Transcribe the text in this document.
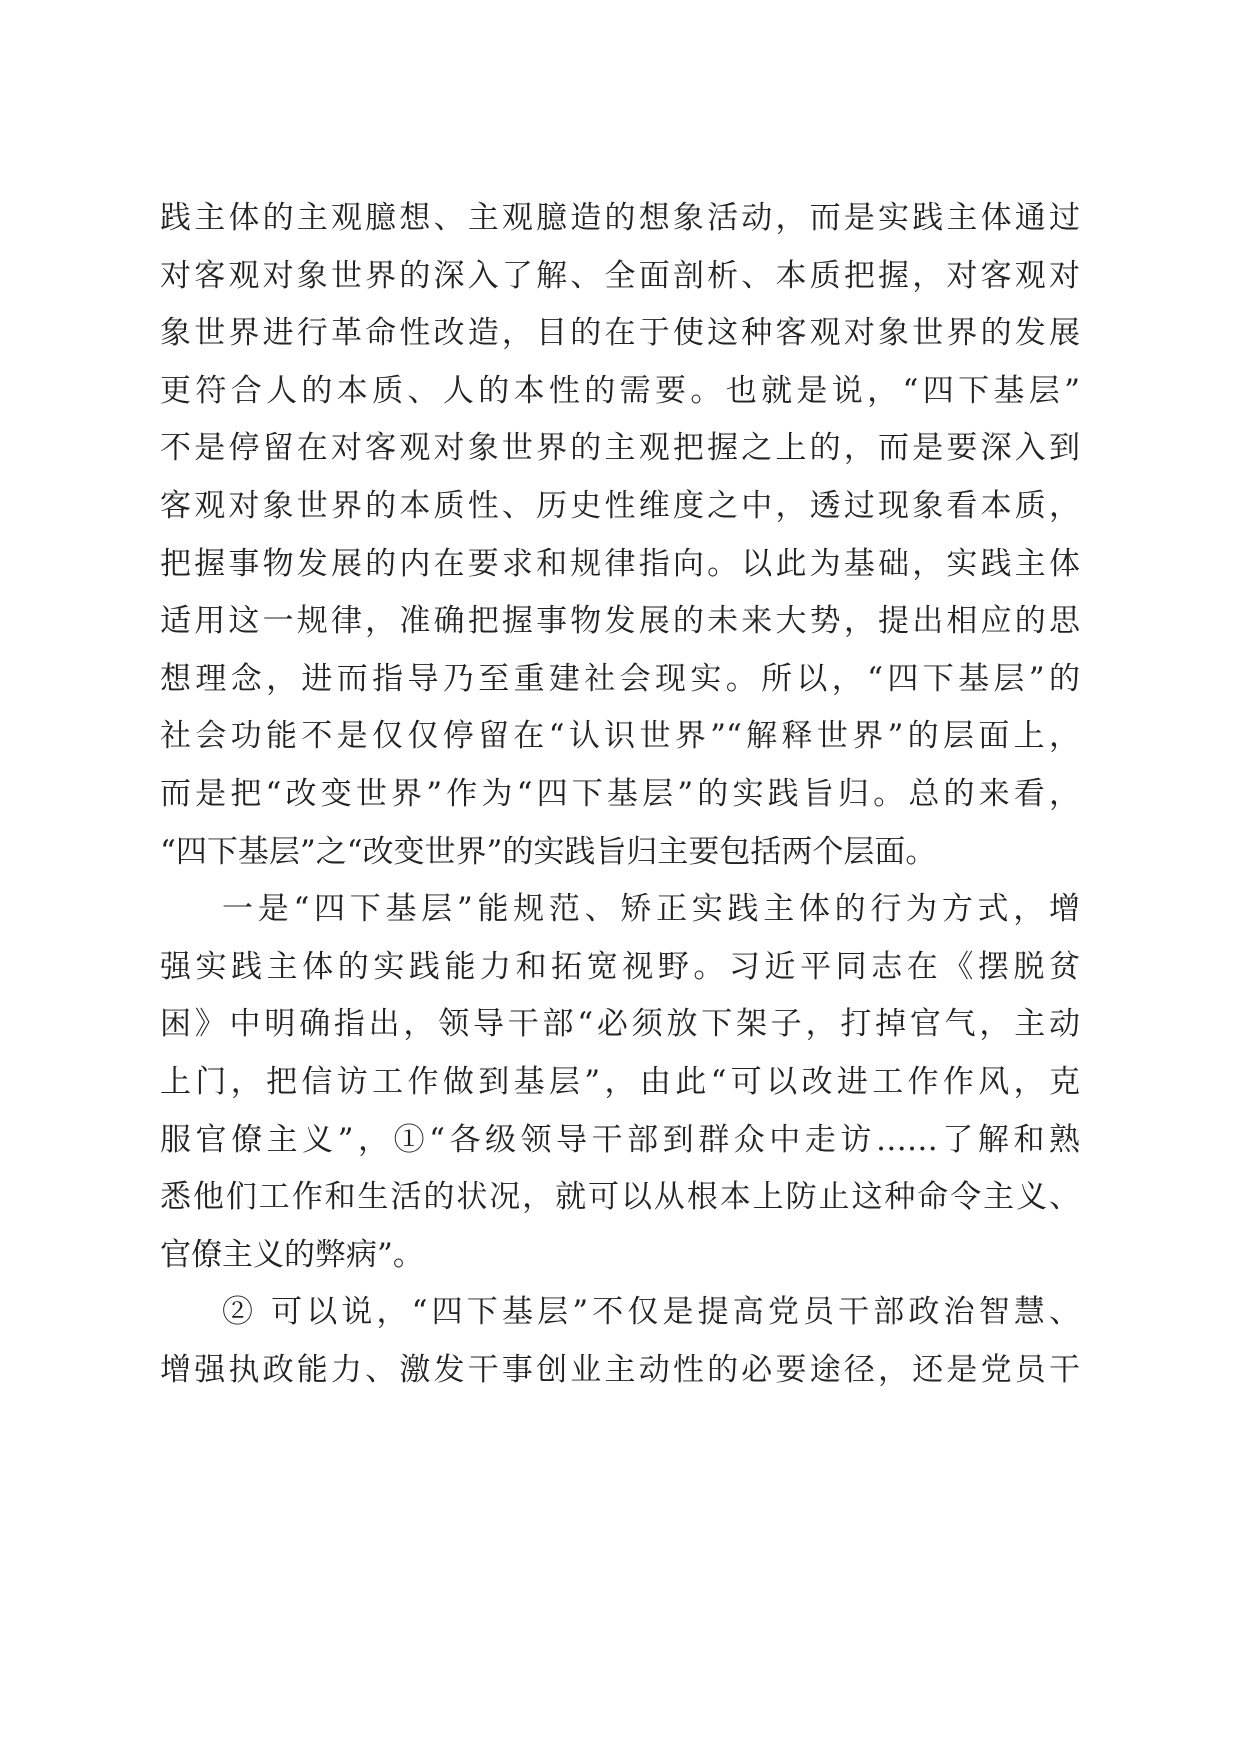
践主体的主观臆想、主观臆造的想象活动，而是实践主体通过
对客观对象世界的深入了解、全面剖析、本质把握，对客观对
象世界进行革命性改造，目的在于使这种客观对象世界的发展
更符合人的本质、人的本性的需要。也就是说，“四下基层”
不是停留在对客观对象世界的主观把握之上的，而是要深入到
客观对象世界的本质性、历史性维度之中，透过现象看本质，
把握事物发展的内在要求和规律指向。以此为基础，实践主体
适用这一规律，准确把握事物发展的未来大势，提出相应的思
想理念，进而指导乃至重建社会现实。所以，“四下基层”的
社会功能不是仅仅停留在“认识世界”“解释世界”的层面上，
而是把“改变世界”作为“四下基层”的实践旨归。总的来看，
“四下基层”之“改变世界”的实践旨归主要包括两个层面。
一是“四下基层”能规范、矫正实践主体的行为方式，增
强实践主体的实践能力和拓宽视野。习近平同志在《摆脱贫
困》中明确指出，领导干部“必须放下架子，打掉官气，主动
上门，把信访工作做到基层”，由此“可以改进工作作风，克
服官僚主义”，①“各级领导干部到群众中走访……了解和熟
悉他们工作和生活的状况，就可以从根本上防止这种命令主义、
官僚主义的弊病”。
② 可以说，“四下基层”不仅是提高党员干部政治智慧、
增强执政能力、激发干事创业主动性的必要途径，还是党员干
